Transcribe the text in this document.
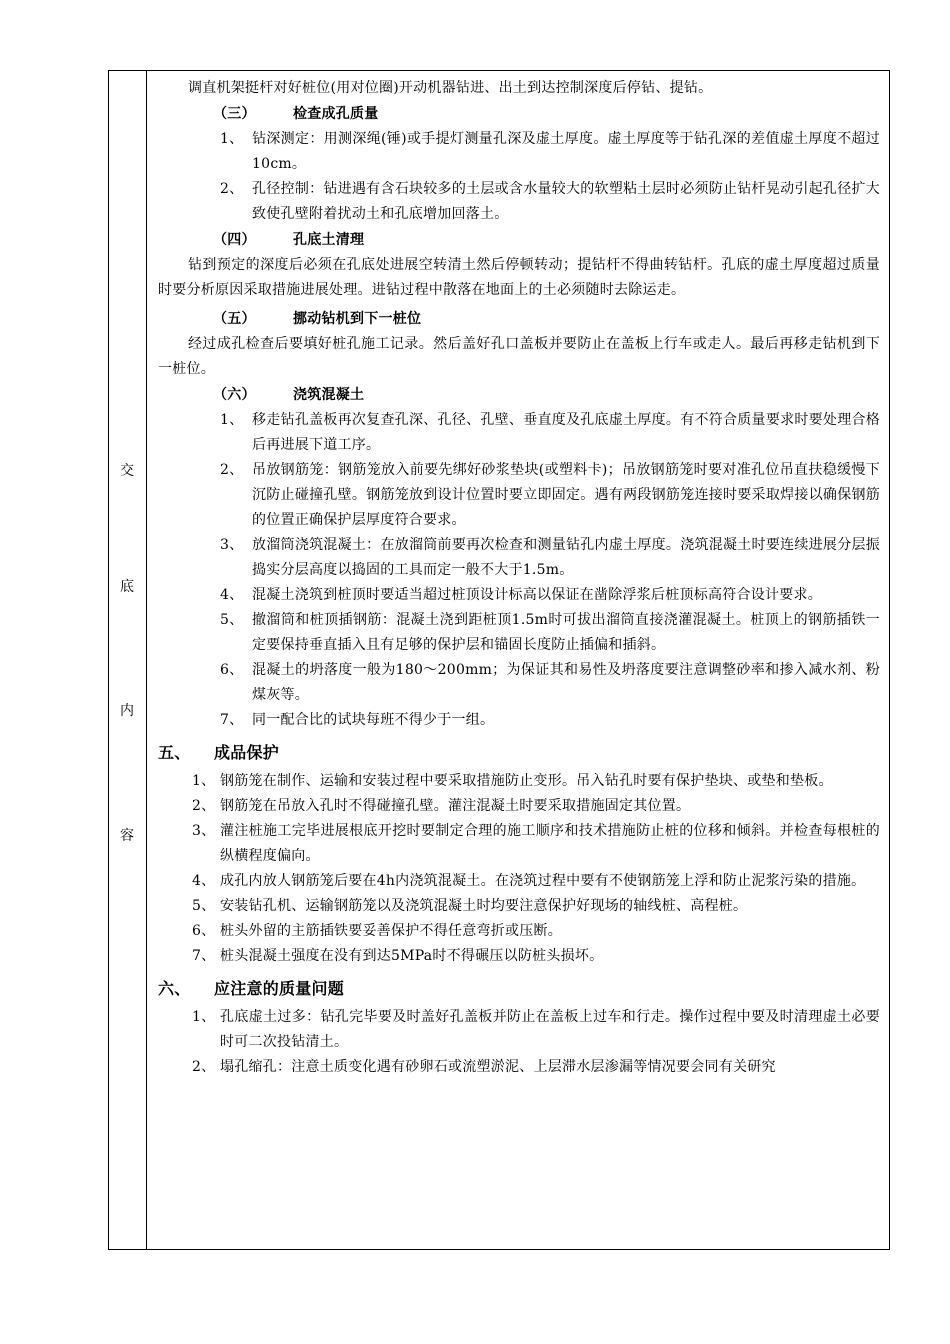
交
底
内
容

调直机架挺杆对好桩位(用对位圈)开动机器钻进、出土到达控制深度后停钻、提钻。

（三）	检查成孔质量
1、 钻深测定：用测深绳(锤)或手提灯测量孔深及虚土厚度。虚土厚度等于钻孔深的差值虚土厚度不超过10cm。
2、 孔径控制：钻进遇有含石块较多的土层或含水量较大的软塑粘土层时必须防止钻杆晃动引起孔径扩大致使孔壁附着扰动土和孔底增加回落土。
（四）	孔底土清理

钻到预定的深度后必须在孔底处进展空转清土然后停顿转动；提钻杆不得曲转钻杆。孔底的虚土厚度超过质量时要分析原因采取措施进展处理。进钻过程中散落在地面上的土必须随时去除运走。

（五）	挪动钻机到下一桩位

经过成孔检查后要填好桩孔施工记录。然后盖好孔口盖板并要防止在盖板上行车或走人。最后再移走钻机到下一桩位。

（六）	浇筑混凝土
1、 移走钻孔盖板再次复查孔深、孔径、孔壁、垂直度及孔底虚土厚度。有不符合质量要求时要处理合格后再进展下道工序。
2、 吊放钢筋笼：钢筋笼放入前要先绑好砂浆垫块(或塑料卡)；吊放钢筋笼时要对准孔位吊直扶稳缓慢下沉防止碰撞孔壁。钢筋笼放到设计位置时要立即固定。遇有两段钢筋笼连接时要采取焊接以确保钢筋的位置正确保护层厚度符合要求。
3、 放溜筒浇筑混凝土：在放溜筒前要再次检查和测量钻孔内虚土厚度。浇筑混凝土时要连续进展分层振捣实分层高度以捣固的工具而定一般不大于1.5m。
4、 混凝土浇筑到桩顶时要适当超过桩顶设计标高以保证在凿除浮浆后桩顶标高符合设计要求。
5、 撤溜筒和桩顶插钢筋：混凝土浇到距桩顶1.5m时可拔出溜筒直接浇灌混凝土。桩顶上的钢筋插铁一定要保持垂直插入且有足够的保护层和锚固长度防止插偏和插斜。
6、 混凝土的坍落度一般为180～200mm；为保证其和易性及坍落度要注意调整砂率和掺入减水剂、粉煤灰等。
7、 同一配合比的试块每班不得少于一组。
五、 成品保护
1、 钢筋笼在制作、运输和安装过程中要采取措施防止变形。吊入钻孔时要有保护垫块、或垫和垫板。
2、 钢筋笼在吊放入孔时不得碰撞孔壁。灌注混凝土时要采取措施固定其位置。
3、 灌注桩施工完毕进展根底开挖时要制定合理的施工顺序和技术措施防止桩的位移和倾斜。并检查每根桩的纵横程度偏向。
4、 成孔内放人钢筋笼后要在4h内浇筑混凝土。在浇筑过程中要有不使钢筋笼上浮和防止泥浆污染的措施。
5、 安装钻孔机、运输钢筋笼以及浇筑混凝土时均要注意保护好现场的轴线桩、高程桩。
6、 桩头外留的主筋插铁要妥善保护不得任意弯折或压断。
7、 桩头混凝土强度在没有到达5MPa时不得碾压以防桩头损坏。
六、 应注意的质量问题
1、 孔底虚土过多：钻孔完毕要及时盖好孔盖板并防止在盖板上过车和行走。操作过程中要及时清理虚土必要时可二次投钻清土。
2、 塌孔缩孔：注意土质变化遇有砂卵石或流塑淤泥、上层滞水层渗漏等情况要会同有关研究
